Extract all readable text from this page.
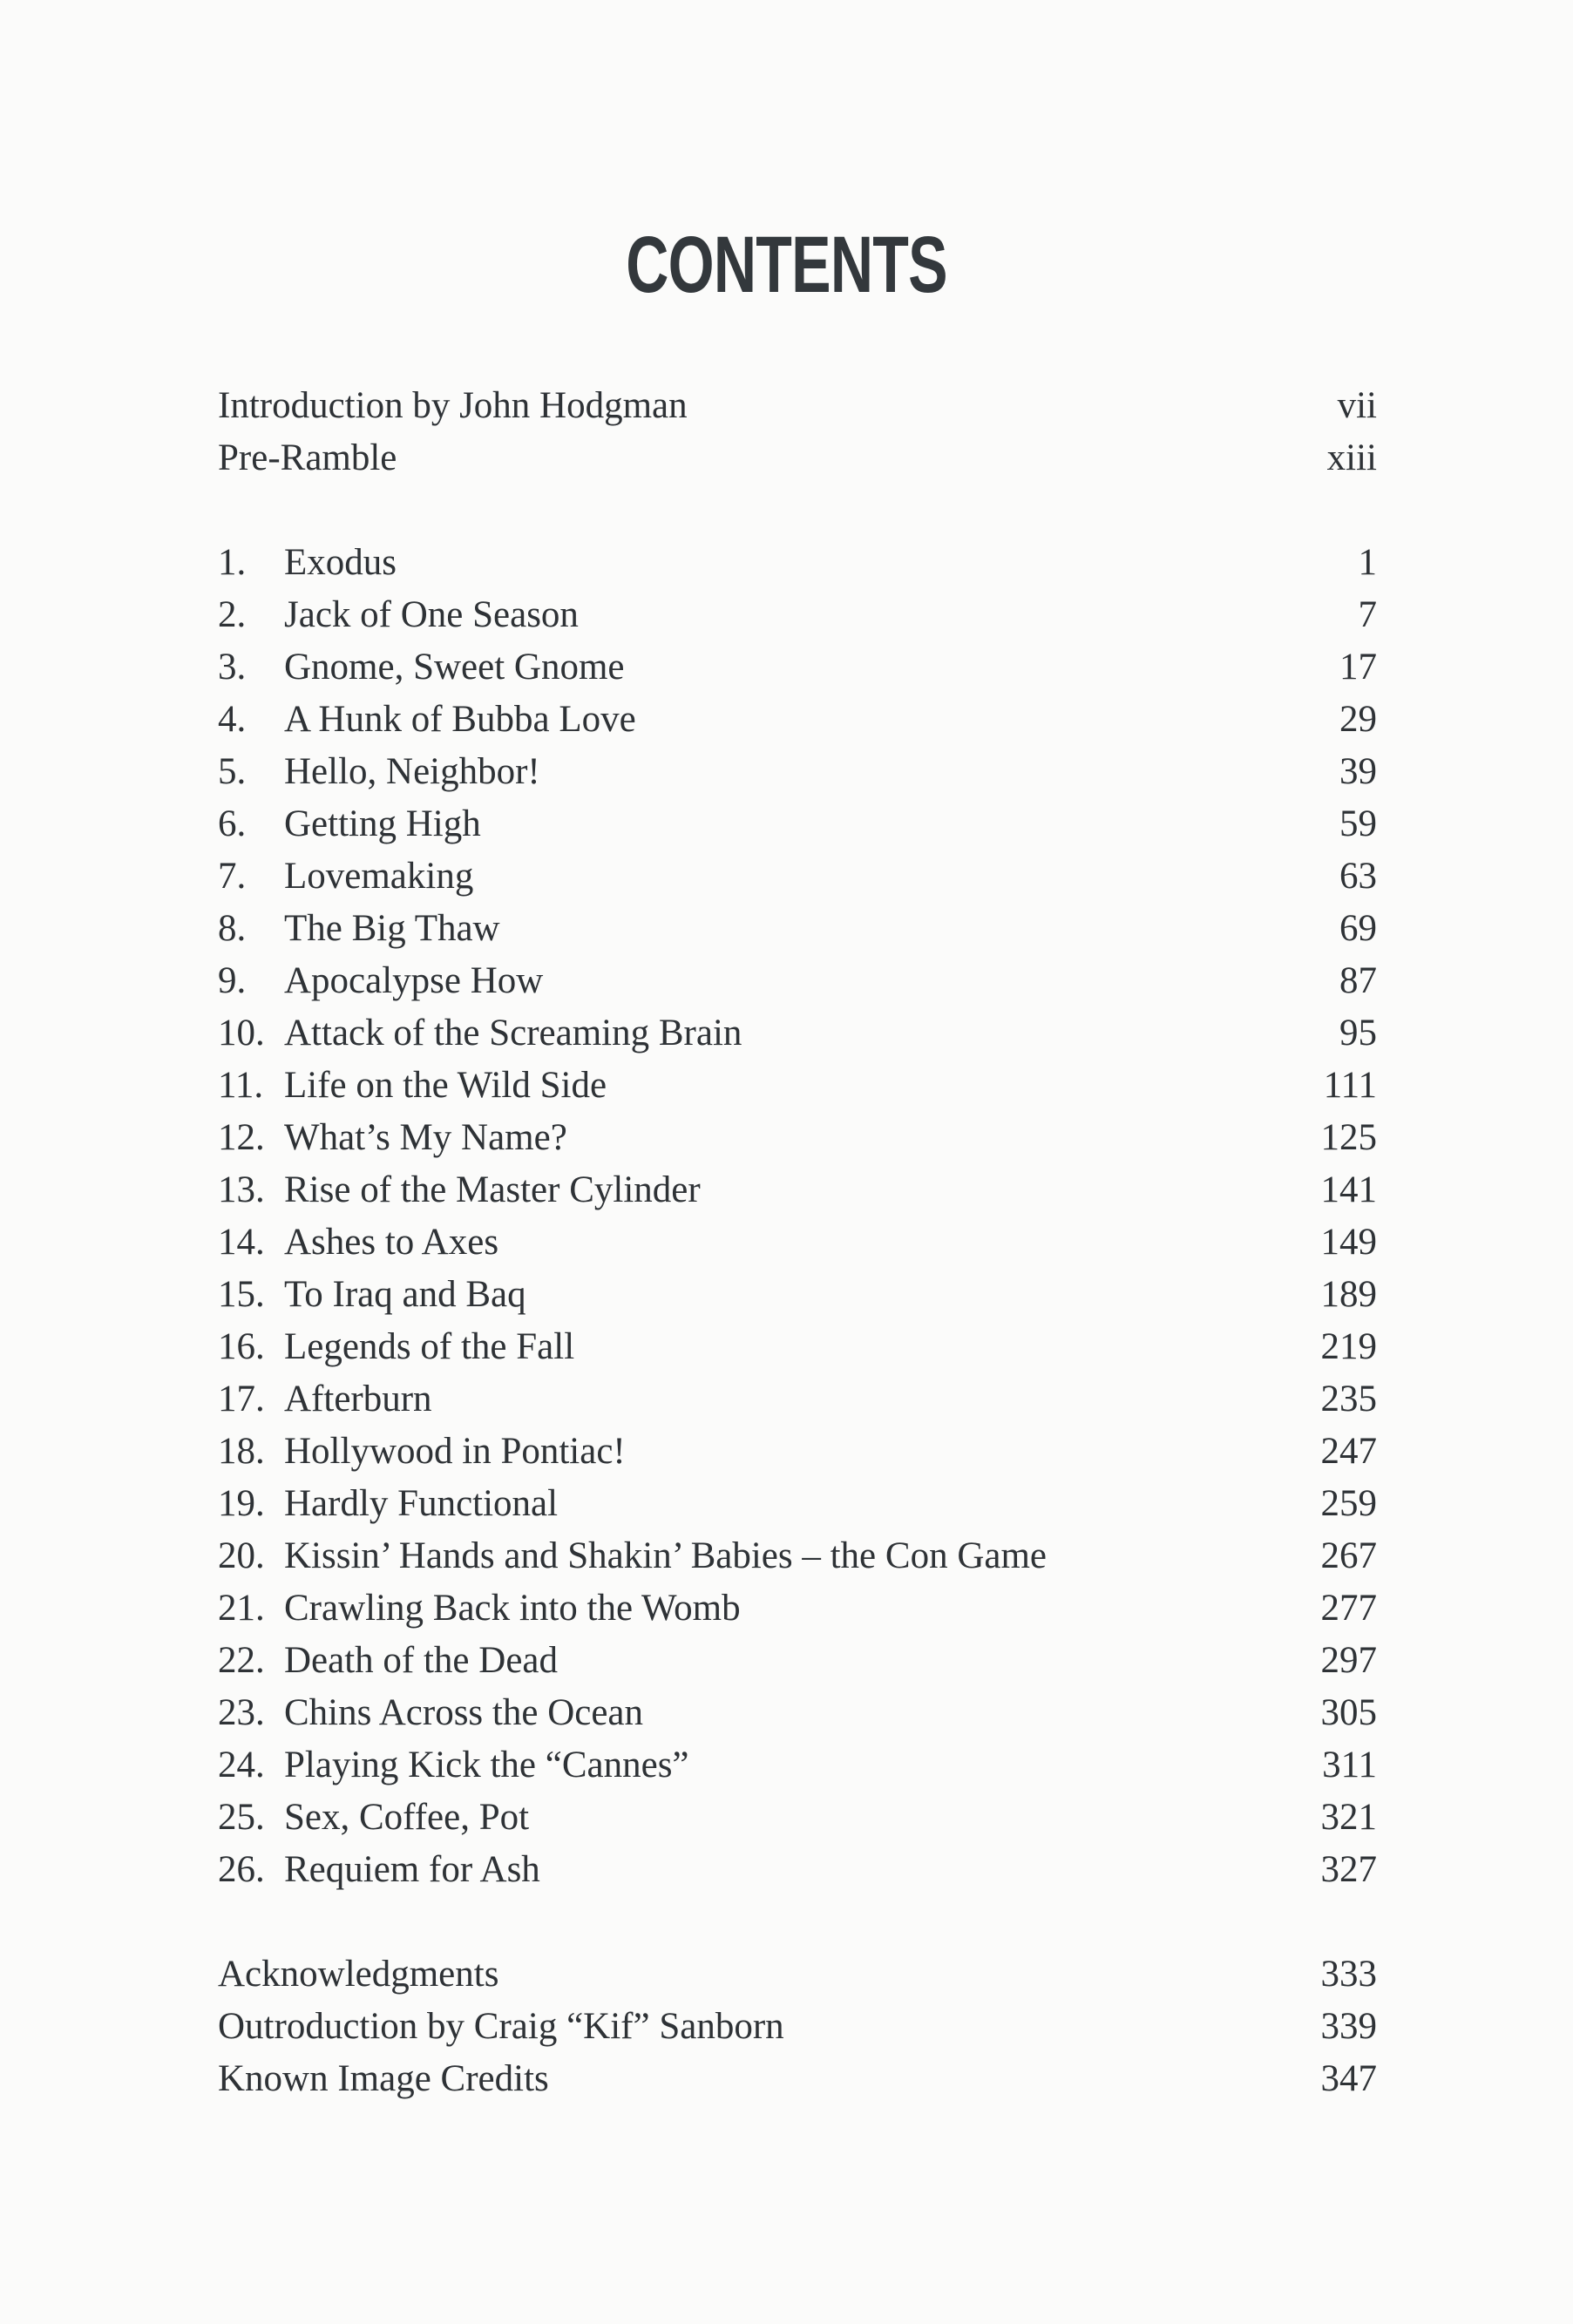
CONTENTS
Introduction by John Hodgman	vii
Pre-Ramble	xiii
1.	Exodus	1
2.	Jack of One Season	7
3.	Gnome, Sweet Gnome	17
4.	A Hunk of Bubba Love	29
5.	Hello, Neighbor!	39
6.	Getting High	59
7.	Lovemaking	63
8.	The Big Thaw	69
9.	Apocalypse How	87
10. Attack of the Screaming Brain	95
11. Life on the Wild Side	111
12. What’s My Name?	125
13. Rise of the Master Cylinder	141
14. Ashes to Axes	149
15. To Iraq and Baq	189
16. Legends of the Fall	219
17. Afterburn	235
18. Hollywood in Pontiac!	247
19. Hardly Functional	259
20. Kissin’ Hands and Shakin’ Babies – the Con Game	267
21. Crawling Back into the Womb	277
22. Death of the Dead	297
23. Chins Across the Ocean	305
24. Playing Kick the “Cannes”	311
25. Sex, Coffee, Pot	321
26. Requiem for Ash	327
Acknowledgments	333
Outroduction by Craig “Kif” Sanborn	339
Known Image Credits	347
